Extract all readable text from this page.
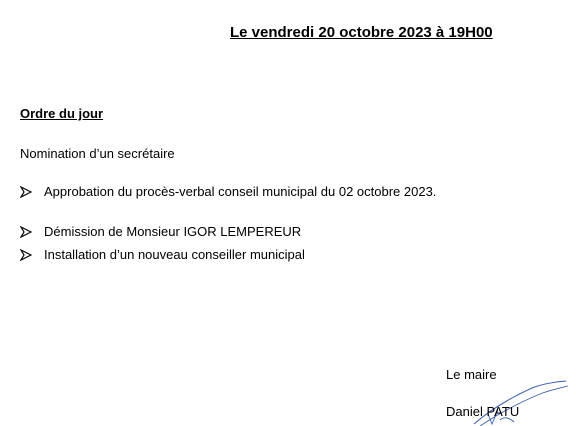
Le vendredi 20 octobre 2023 à 19H00
Ordre du jour
Nomination d’un secrétaire
Approbation du procès-verbal conseil municipal du 02 octobre 2023.
Démission de Monsieur IGOR LEMPEREUR
Installation d’un nouveau conseiller municipal
Le maire
Daniel PATU
